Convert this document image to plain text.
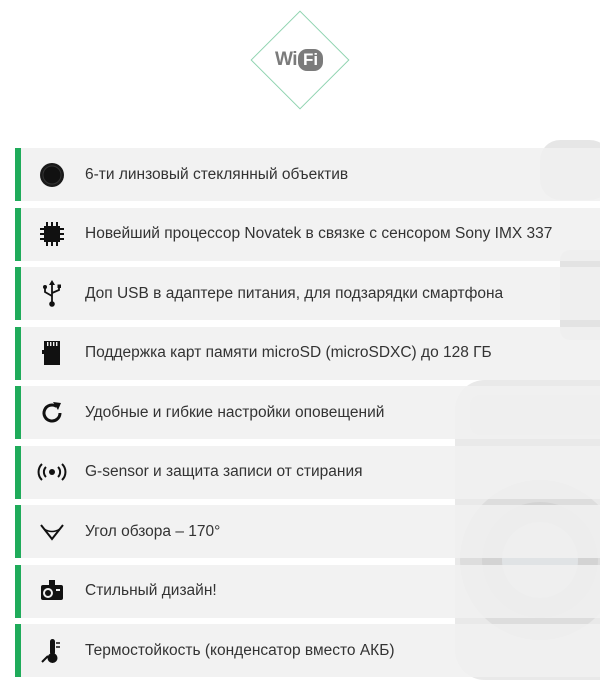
Wi Fi
6-ти линзовый стеклянный объектив
Новейший процессор Novatek в связке с сенсором Sony IMX 337
Доп USB в адаптере питания, для подзарядки смартфона
Поддержка карт памяти microSD (microSDXC) до 128 ГБ
Удобные и гибкие настройки оповещений
G-sensor и защита записи от стирания
Угол обзора – 170°
Стильный дизайн!
Термостойкость (конденсатор вместо АКБ)
